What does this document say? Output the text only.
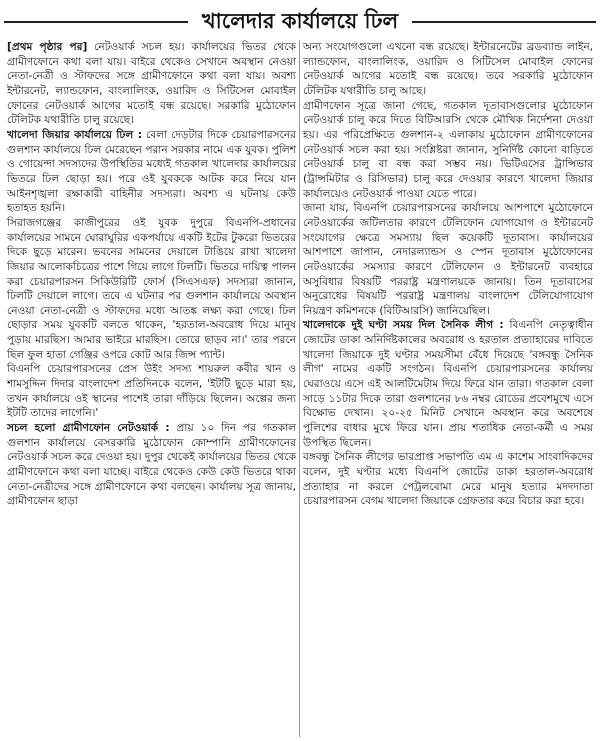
খালেদার কার্যালয়ে ঢিল

[প্রথম পৃষ্ঠার পর] নেটওয়ার্ক সচল হয়। কার্যালয়ের ভিতর থেকে গ্রামীণফোনে কথা বলা যায়। বাইরে থেকেও সেখানে অবস্থান নেওয়া নেতা-নেত্রী ও স্টাফদের সঙ্গে গ্রামীণফোনে কথা বলা যায়। অবশ্য ইন্টারনেট, ল্যান্ডফোন, বাংলালিংক, ওয়ারিদ ও সিটিসেল মোবাইল ফোনের নেটওয়ার্ক আগের মতোই বন্ধ রয়েছে। সরকারি মুঠোফোন টেলিটক যথারীতি চালু রয়েছে।

খালেদা জিয়ার কার্যালয়ে ঢিল : বেলা দেড়টার দিকে চেয়ারপারসনের গুলশান কার্যালয়ে ঢিল মেরেছেন পরান সরকার নামে এক যুবক। পুলিশ ও গোয়েন্দা সদস্যদের উপস্থিতির মধ্যেই গতকাল খালেদার কার্যালয়ের ভিতরে ঢিল ছোড়া হয়। পরে ওই যুবককে আটক করে নিয়ে যান আইনশৃঙ্খলা রক্ষাকারী বাহিনীর সদস্যরা। অবশ্য এ ঘটনায় কেউ হতাহত হয়নি।

সিরাজগঞ্জের কাজীপুরের ওই যুবক দুপুরে বিএনপি-প্রধানের কার্যালয়ের সামনে ঘোরাঘুরির একপর্যায়ে একটি ইটের টুকরো ভিতরের দিকে ছুড়ে মারেন। ভবনের সামনের দেয়ালে টাঙিয়ে রাখা খালেদা জিয়ার আলোকচিত্রের পাশে গিয়ে লাগে ঢিলটি। ভিতরে দায়িত্ব পালন করা চেয়ারপারসন সিকিউরিটি ফোর্স (সিএসএফ) সদস্যরা জানান, ঢিলটি দেয়ালে লাগে। তবে এ ঘটনার পর গুলশান কার্যালয়ে অবস্থান নেওয়া নেতা-নেত্রী ও স্টাফদের মধ্যে আতঙ্ক লক্ষ্য করা গেছে। ঢিল ছোড়ার সময় যুবকটি বলতে থাকেন, 'হরতাল-অবরোধ দিয়ে মানুষ পুড়ায় মারছিস। আমার ভাইরে মারছিস। তোরে ছাড়ব না।' তার পরনে ছিল ফুল হাতা গেঞ্জির ওপরে কোট আর জিন্স প্যান্ট।

বিএনপি চেয়ারপারসনের প্রেস উইং সদস্য শায়রুল কবীর খান ও শামসুদ্দিন দিদার বাংলাদেশ প্রতিদিনকে বলেন, 'ইটটি ছুড়ে মারা হয়, তখন কার্যালয়ে ওই স্থানের পাশেই তারা দাঁড়িয়ে ছিলেন। অল্পের জন্য ইটটি তাদের লাগেনি।'

সচল হলো গ্রামীণফোন নেটওয়ার্ক : প্রায় ১০ দিন পর গতকাল গুলশান কার্যালয়ে বেসরকারি মুঠোফোন কোম্পানি গ্রামীণফোনের নেটওয়ার্ক সচল করে দেওয়া হয়। দুপুর থেকেই কার্যালয়ের ভিতর থেকে গ্রামীণফোনে কথা বলা যাচ্ছে। বাইরে থেকেও কেউ কেউ ভিতরে থাকা নেতা-নেত্রীদের সঙ্গে গ্রামীণফোনে কথা বলছেন। কার্যালয় সূত্র জানায়, গ্রামীণফোন ছাড়া

অন্য সংযোগগুলো এখনো বন্ধ রয়েছে। ইন্টারনেটের ব্রডব্যান্ড লাইন, ল্যান্ডফোন, বাংলালিংক, ওয়ারিদ ও সিটিসেল মোবাইল ফোনের নেটওয়ার্ক আগের মতোই বন্ধ রয়েছে। তবে সরকারি মুঠোফোন টেলিটক যথারীতি চালু আছে।

গ্রামীণফোন সূত্রে জানা গেছে, গতকাল দূতাবাসগুলোর মুঠোফোন নেটওয়ার্ক চালু করে দিতে বিটিআরসি থেকে মৌখিক নির্দেশনা দেওয়া হয়। এর পরিপ্রেক্ষিতে গুলশান-২ এলাকায় মুঠোফোন গ্রামীণফোনের নেটওয়ার্ক সচল করা হয়। সংশ্লিষ্টরা জানান, সুনির্দিষ্ট কোনো বাড়িতে নেটওয়ার্ক চালু বা বন্ধ করা সম্ভব নয়। ভিটিএসের ট্রান্সিভার (ট্রান্সমিটার ও রিসিভার) চালু করে দেওয়ার কারণে খালেদা জিয়ার কার্যালয়েও নেটওয়ার্ক পাওয়া যেতে পারে।

জানা যায়, বিএনপি চেয়ারপারসনের কার্যালয়ে আশপাশে মুঠোফোনে নেটওয়ার্কের জটিলতার কারণে টেলিফোন যোগাযোগ ও ইন্টারনেট সংযোগের ক্ষেত্রে সমস্যায় ছিল কয়েকটি দূতাবাস। কার্যালয়ের আশপাশে জাপান, নেদারল্যান্ডস ও স্পেন দূতাবাস মুঠোফোনের নেটওয়ার্কের সমস্যার কারণে টেলিফোন ও ইন্টারনেট ব্যবহারে অসুবিধার বিষয়টি পররাষ্ট্র মন্ত্রণালয়কে জানায়। তিন দূতাবাসের অনুরোধের বিষয়টি পররাষ্ট্র মন্ত্রণালয় বাংলাদেশ টেলিযোগাযোগ নিয়ন্ত্রণ কমিশনকে (বিটিআরসি) জানিয়েছিল।

খালেদাকে দুই ঘণ্টা সময় দিল সৈনিক লীগ : বিএনপি নেতৃত্বাধীন জোটের ডাকা অনির্দিষ্টকালের অবরোধ ও হরতাল প্রত্যাহারের দাবিতে খালেদা জিয়াকে দুই ঘণ্টার সময়সীমা বেঁধে দিয়েছে 'বঙ্গবন্ধু সৈনিক লীগ' নামের একটি সংগঠন। বিএনপি চেয়ারপারসনের কার্যালয় ঘেরাওয়ে এসে এই আলটিমেটাম দিয়ে ফিরে যান তারা। গতকাল বেলা সাড়ে ১১টার দিকে তারা গুলশানের ৮৬ নম্বর রোডের প্রবেশমুখে এসে বিক্ষোভ দেখান। ২০-২৫ মিনিট সেখানে অবস্থান করে অবশেষে পুলিশের বাধার মুখে ফিরে যান। প্রায় শতাধিক নেতা-কর্মী এ সময় উপস্থিত ছিলেন।

বঙ্গবন্ধু সৈনিক লীগের ভারপ্রাপ্ত সভাপতি এম এ কাশেম সাংবাদিকদের বলেন, দুই ঘণ্টার মধ্যে বিএনপি জোটের ডাকা হরতাল-অবরোধ প্রত্যাহার না করলে পেট্রলবোমা মেরে মানুষ হত্যার মদদদাতা চেয়ারপারসন বেগম খালেদা জিয়াকে গ্রেফতার করে বিচার করা হবে।
